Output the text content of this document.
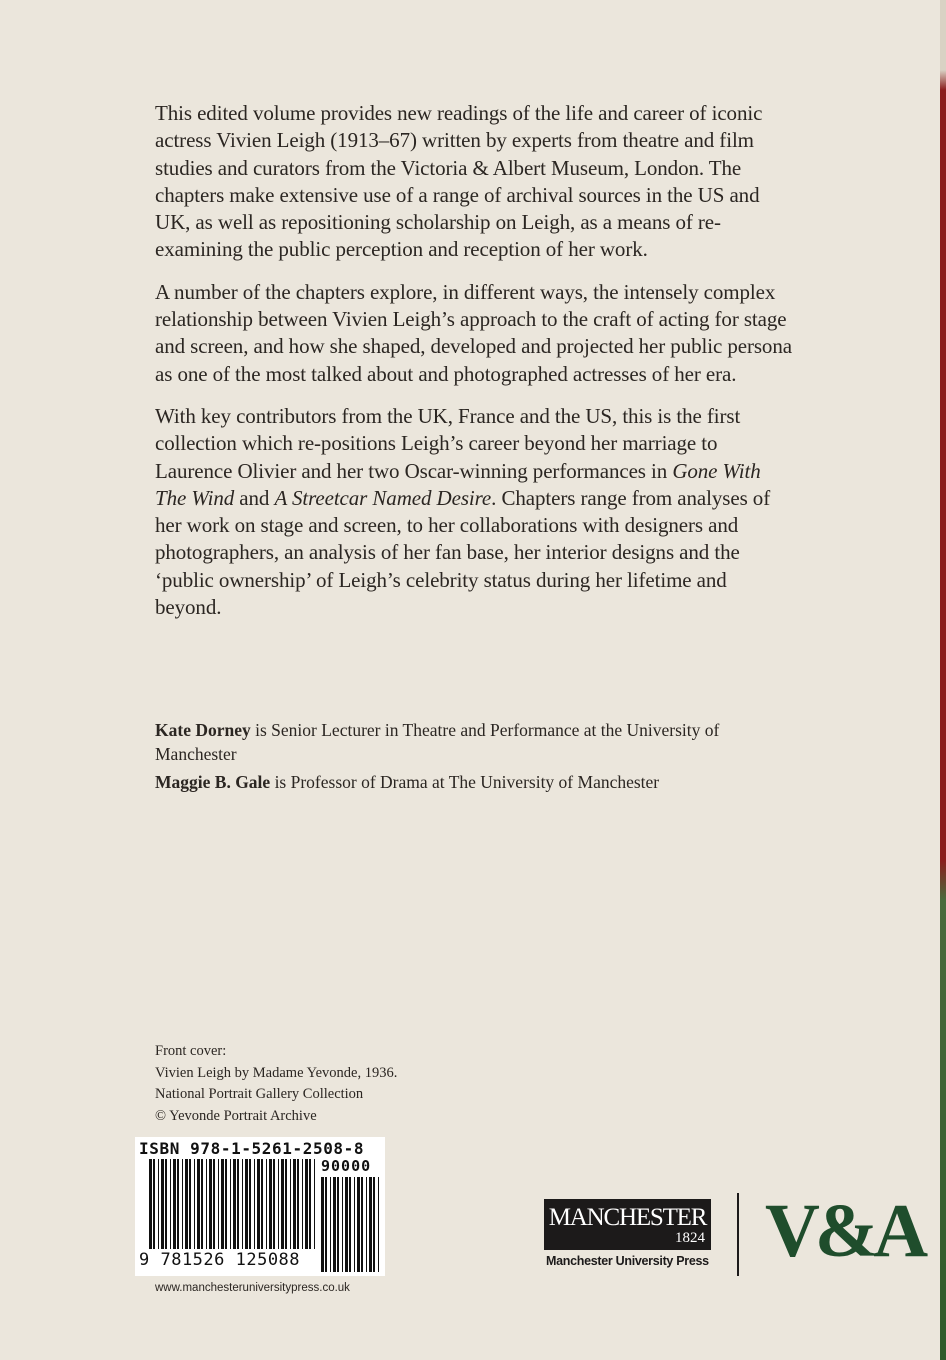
This edited volume provides new readings of the life and career of iconic actress Vivien Leigh (1913–67) written by experts from theatre and film studies and curators from the Victoria & Albert Museum, London. The chapters make extensive use of a range of archival sources in the US and UK, as well as repositioning scholarship on Leigh, as a means of re-examining the public perception and reception of her work.

A number of the chapters explore, in different ways, the intensely complex relationship between Vivien Leigh’s approach to the craft of acting for stage and screen, and how she shaped, developed and projected her public persona as one of the most talked about and photographed actresses of her era.

With key contributors from the UK, France and the US, this is the first collection which re-positions Leigh’s career beyond her marriage to Laurence Olivier and her two Oscar-winning performances in Gone With The Wind and A Streetcar Named Desire. Chapters range from analyses of her work on stage and screen, to her collaborations with designers and photographers, an analysis of her fan base, her interior designs and the ‘public ownership’ of Leigh’s celebrity status during her lifetime and beyond.

Kate Dorney is Senior Lecturer in Theatre and Performance at the University of Manchester

Maggie B. Gale is Professor of Drama at The University of Manchester

Front cover:
Vivien Leigh by Madame Yevonde, 1936.
National Portrait Gallery Collection
© Yevonde Portrait Archive
ISBN 978-1-5261-2508-8
90000
9 781526 125088
www.manchesteruniversitypress.co.uk
MANCHESTER
1824
Manchester University Press V&A
